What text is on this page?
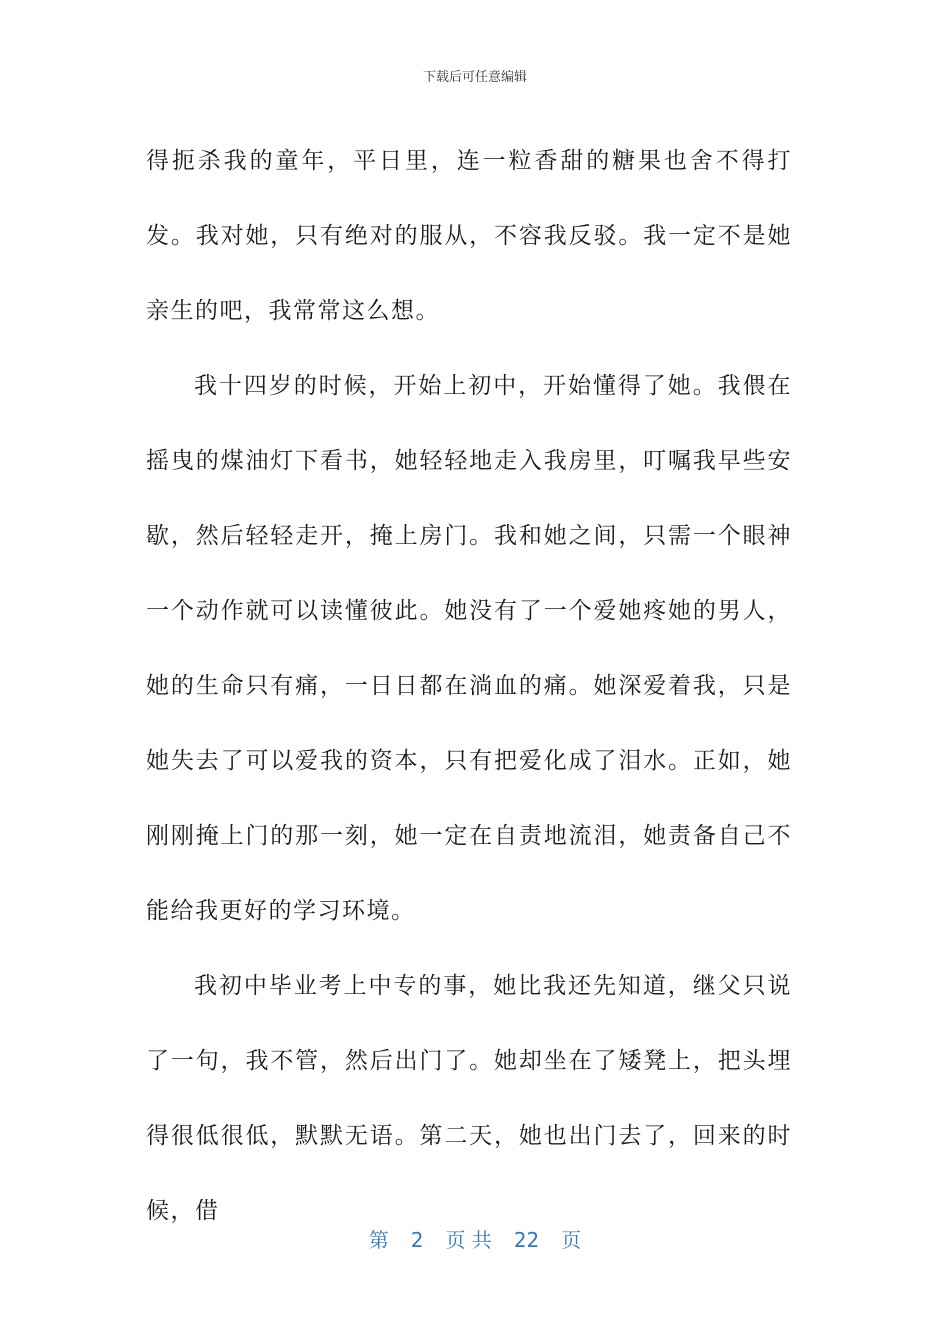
下载后可任意编辑

得扼杀我的童年，平日里，连一粒香甜的糖果也舍不得打发。我对她，只有绝对的服从，不容我反驳。我一定不是她亲生的吧，我常常这么想。

我十四岁的时候，开始上初中，开始懂得了她。我偎在摇曳的煤油灯下看书，她轻轻地走入我房里，叮嘱我早些安歇，然后轻轻走开，掩上房门。我和她之间，只需一个眼神一个动作就可以读懂彼此。她没有了一个爱她疼她的男人，她的生命只有痛，一日日都在淌血的痛。她深爱着我，只是她失去了可以爱我的资本，只有把爱化成了泪水。正如，她刚刚掩上门的那一刻，她一定在自责地流泪，她责备自己不能给我更好的学习环境。

我初中毕业考上中专的事，她比我还先知道，继父只说了一句，我不管，然后出门了。她却坐在了矮凳上，把头埋得很低很低，默默无语。第二天，她也出门去了，回来的时候，借

第 2 页 共 22 页
